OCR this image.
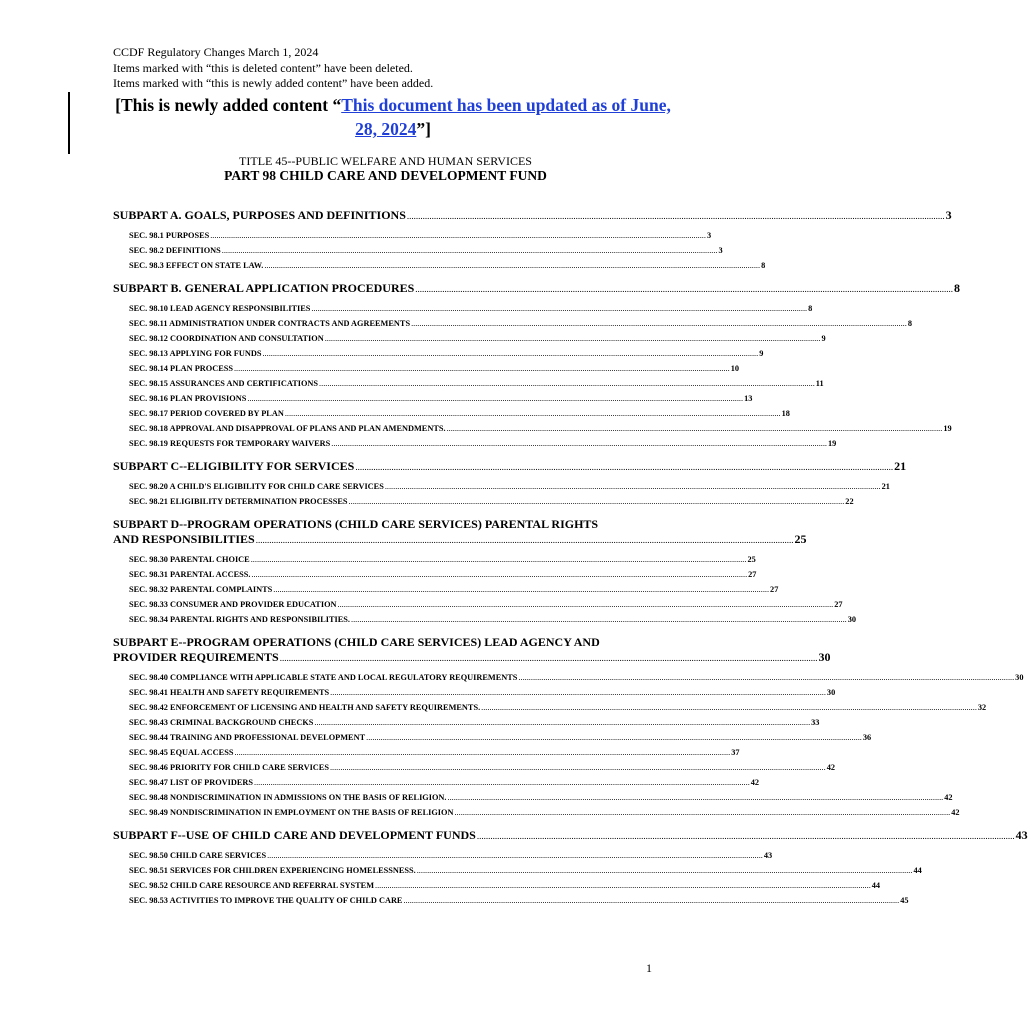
CCDF Regulatory Changes March 1, 2024
Items marked with “this is deleted content” have been deleted.
Items marked with “this is newly added content” have been added.
[This is newly added content “This document has been updated as of June, 28, 2024”]
TITLE 45--PUBLIC WELFARE AND HUMAN SERVICES
PART 98 CHILD CARE AND DEVELOPMENT FUND
SUBPART A. GOALS, PURPOSES AND DEFINITIONS ............................................................................................................................................................................................................................................... 3
SEC. 98.1 PURPOSES ............................................................................................................................................................................................................................................... 3
SEC. 98.2 DEFINITIONS ............................................................................................................................................................................................................................................... 3
SEC. 98.3 EFFECT ON STATE LAW. ............................................................................................................................................................................................................................................... 8
SUBPART B. GENERAL APPLICATION PROCEDURES ............................................................................................................................................................................................................................................... 8
SEC. 98.10 LEAD AGENCY RESPONSIBILITIES ............................................................................................................................................................................................................................................... 8
SEC. 98.11 ADMINISTRATION UNDER CONTRACTS AND AGREEMENTS ............................................................................................................................................................................................................................................... 8
SEC. 98.12 COORDINATION AND CONSULTATION ............................................................................................................................................................................................................................................... 9
SEC. 98.13 APPLYING FOR FUNDS ............................................................................................................................................................................................................................................... 9
SEC. 98.14 PLAN PROCESS ............................................................................................................................................................................................................................................... 10
SEC. 98.15 ASSURANCES AND CERTIFICATIONS ............................................................................................................................................................................................................................................... 11
SEC. 98.16 PLAN PROVISIONS ............................................................................................................................................................................................................................................... 13
SEC. 98.17 PERIOD COVERED BY PLAN ............................................................................................................................................................................................................................................... 18
SEC. 98.18 APPROVAL AND DISAPPROVAL OF PLANS AND PLAN AMENDMENTS. ............................................................................................................................................................................................................................................... 19
SEC. 98.19 REQUESTS FOR TEMPORARY WAIVERS ............................................................................................................................................................................................................................................... 19
SUBPART C--ELIGIBILITY FOR SERVICES ............................................................................................................................................................................................................................................... 21
SEC. 98.20 A CHILD'S ELIGIBILITY FOR CHILD CARE SERVICES ............................................................................................................................................................................................................................................... 21
SEC. 98.21 ELIGIBILITY DETERMINATION PROCESSES ............................................................................................................................................................................................................................................... 22
SUBPART D--PROGRAM OPERATIONS (CHILD CARE SERVICES) PARENTAL RIGHTS
AND RESPONSIBILITIES ............................................................................................................................................................................................................................................... 25
SEC. 98.30 PARENTAL CHOICE ............................................................................................................................................................................................................................................... 25
SEC. 98.31 PARENTAL ACCESS. ............................................................................................................................................................................................................................................... 27
SEC. 98.32 PARENTAL COMPLAINTS ............................................................................................................................................................................................................................................... 27
SEC. 98.33 CONSUMER AND PROVIDER EDUCATION ............................................................................................................................................................................................................................................... 27
SEC. 98.34 PARENTAL RIGHTS AND RESPONSIBILITIES. ............................................................................................................................................................................................................................................... 30
SUBPART E--PROGRAM OPERATIONS (CHILD CARE SERVICES) LEAD AGENCY AND
PROVIDER REQUIREMENTS ............................................................................................................................................................................................................................................... 30
SEC. 98.40 COMPLIANCE WITH APPLICABLE STATE AND LOCAL REGULATORY REQUIREMENTS ............................................................................................................................................................................................................................................... 30
SEC. 98.41 HEALTH AND SAFETY REQUIREMENTS ............................................................................................................................................................................................................................................... 30
SEC. 98.42 ENFORCEMENT OF LICENSING AND HEALTH AND SAFETY REQUIREMENTS. ............................................................................................................................................................................................................................................... 32
SEC. 98.43 CRIMINAL BACKGROUND CHECKS ............................................................................................................................................................................................................................................... 33
SEC. 98.44 TRAINING AND PROFESSIONAL DEVELOPMENT ............................................................................................................................................................................................................................................... 36
SEC. 98.45 EQUAL ACCESS ............................................................................................................................................................................................................................................... 37
SEC. 98.46 PRIORITY FOR CHILD CARE SERVICES ............................................................................................................................................................................................................................................... 42
SEC. 98.47 LIST OF PROVIDERS ............................................................................................................................................................................................................................................... 42
SEC. 98.48 NONDISCRIMINATION IN ADMISSIONS ON THE BASIS OF RELIGION. ............................................................................................................................................................................................................................................... 42
SEC. 98.49 NONDISCRIMINATION IN EMPLOYMENT ON THE BASIS OF RELIGION ............................................................................................................................................................................................................................................... 42
SUBPART F--USE OF CHILD CARE AND DEVELOPMENT FUNDS ............................................................................................................................................................................................................................................... 43
SEC. 98.50 CHILD CARE SERVICES ............................................................................................................................................................................................................................................... 43
SEC. 98.51 SERVICES FOR CHILDREN EXPERIENCING HOMELESSNESS. ............................................................................................................................................................................................................................................... 44
SEC. 98.52 CHILD CARE RESOURCE AND REFERRAL SYSTEM ............................................................................................................................................................................................................................................... 44
SEC. 98.53 ACTIVITIES TO IMPROVE THE QUALITY OF CHILD CARE ............................................................................................................................................................................................................................................... 45
1
